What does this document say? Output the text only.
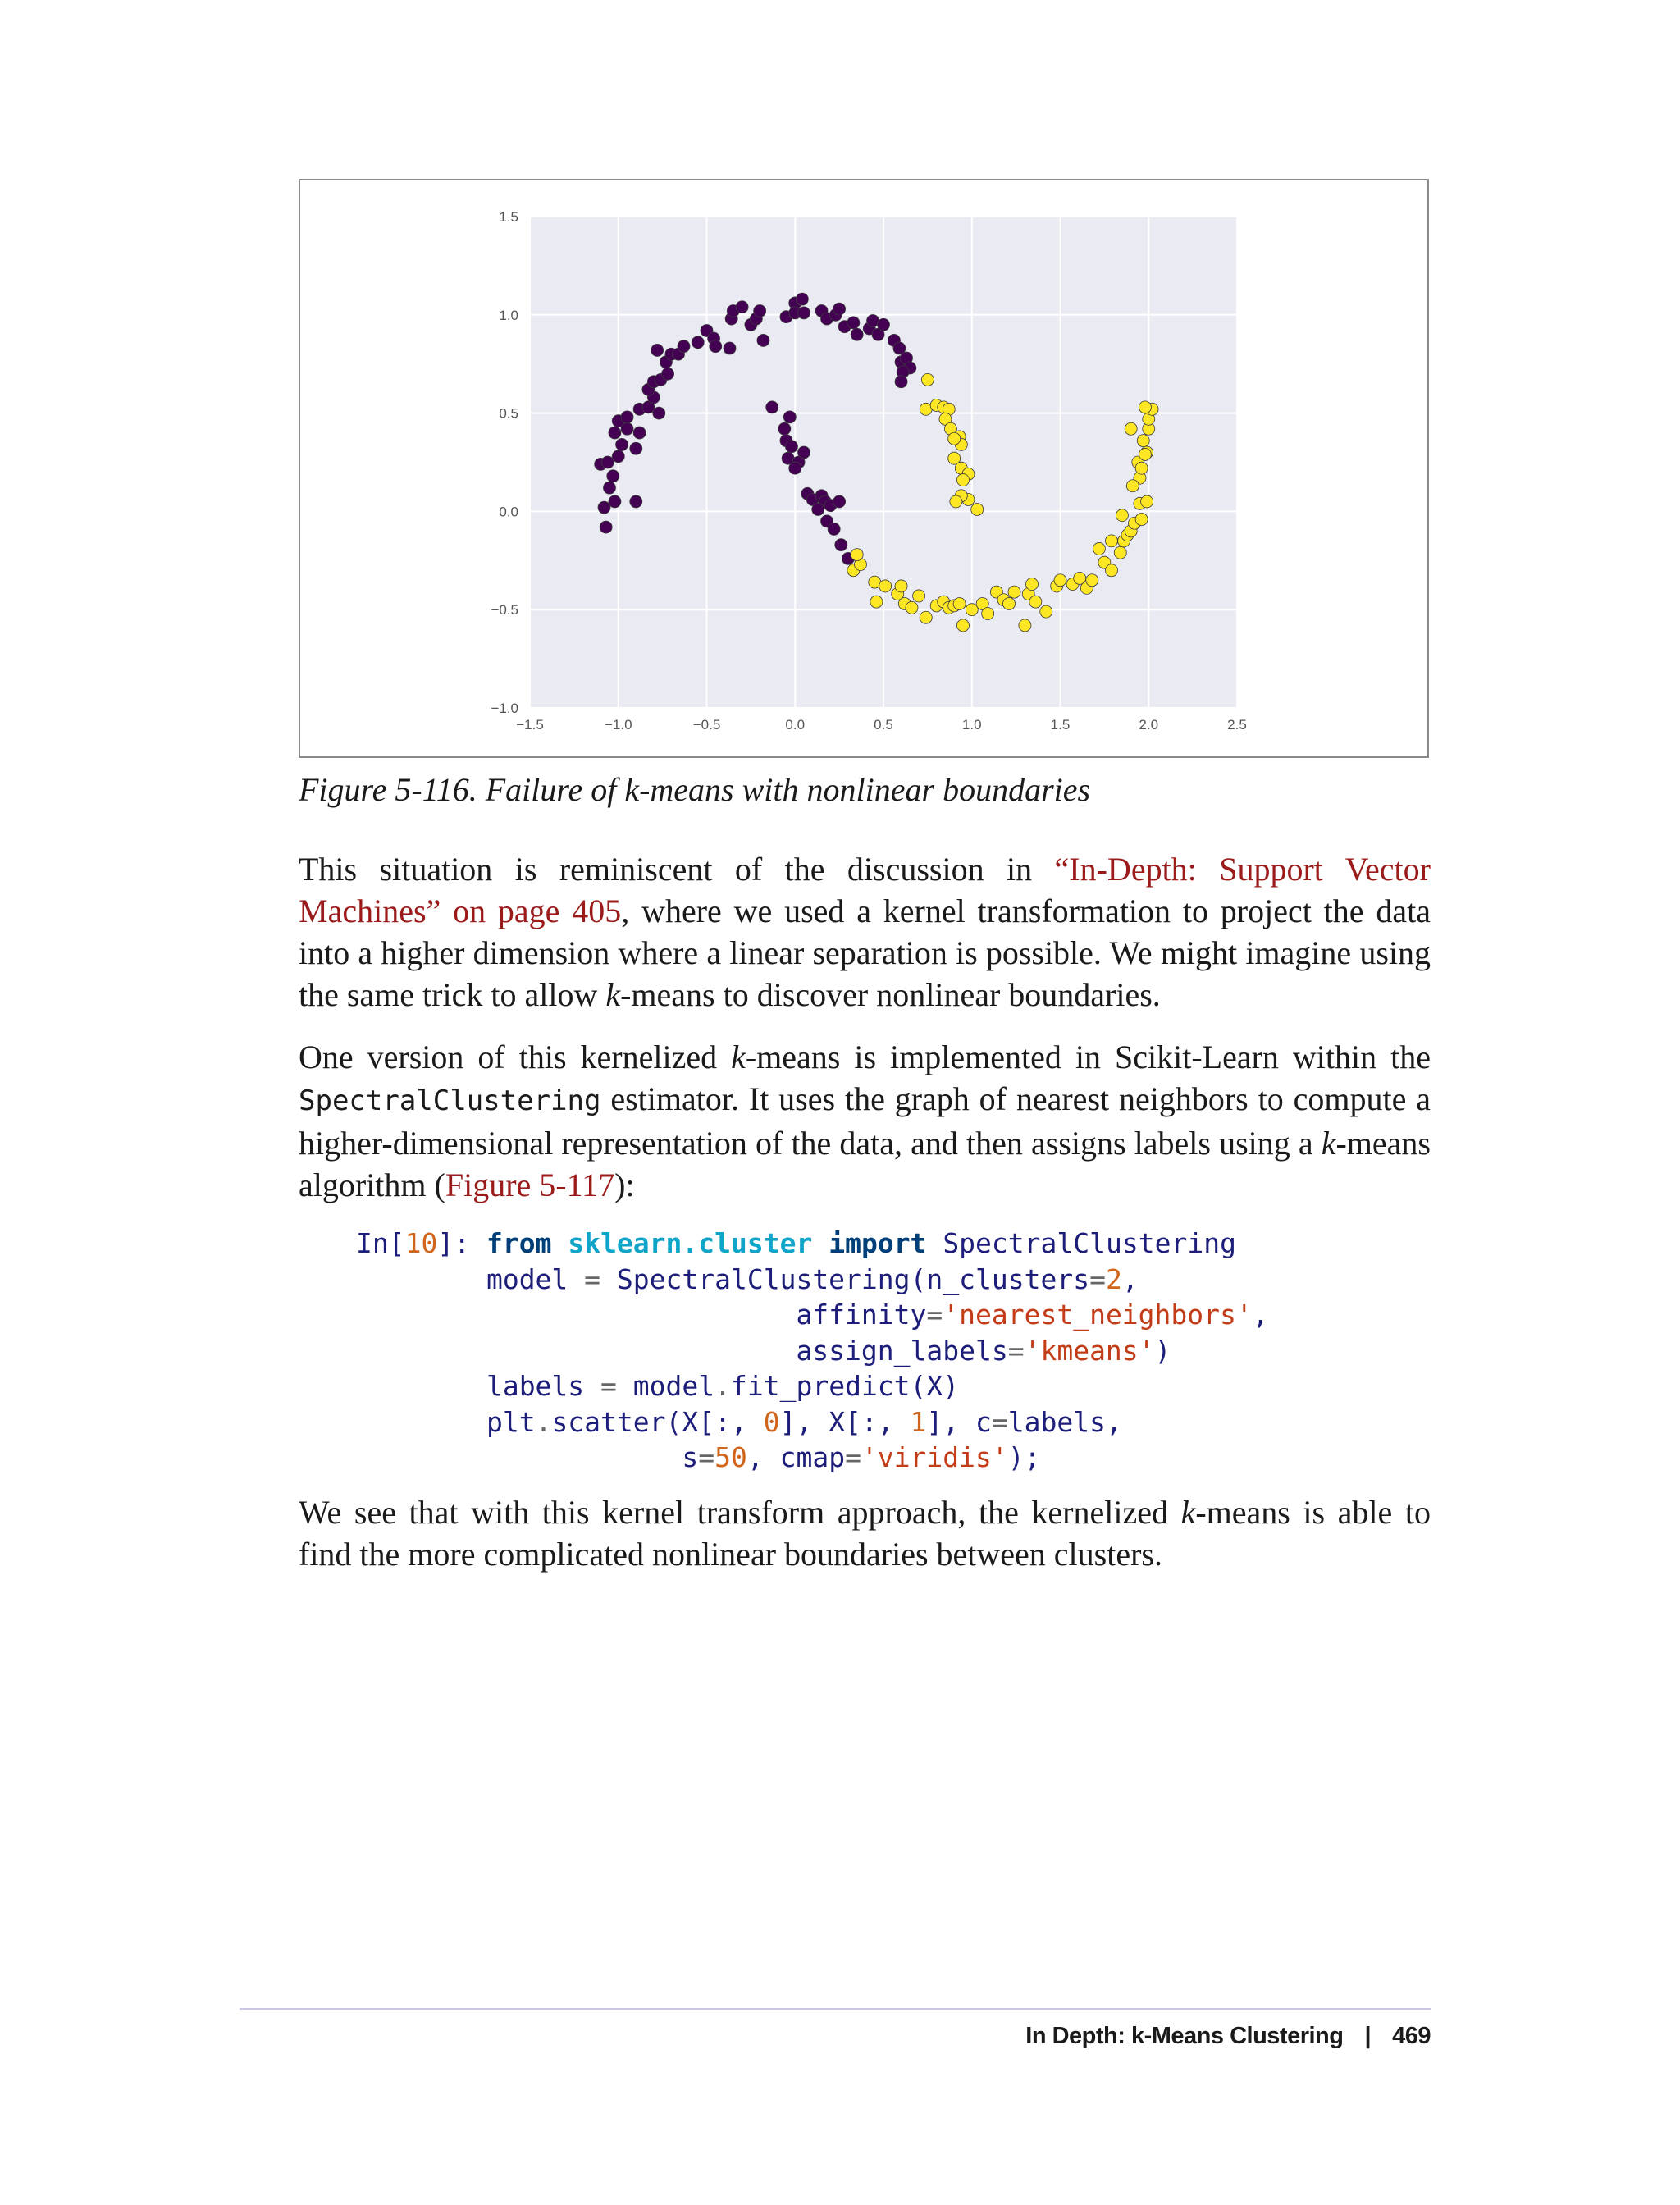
−1.5	−1.0	−0.5	0.0	0.5	1.0	1.5	2.0	2.5
1.5
1.0
0.5
0.0
−0.5
−1.0
Figure 5-116. Failure of k-means with nonlinear boundaries

This situation is reminiscent of the discussion in “In-Depth: Support Vector Machines” on page 405, where we used a kernel transformation to project the data into a higher dimension where a linear separation is possible. We might imagine using the same trick to allow k-means to discover nonlinear boundaries.

One version of this kernelized k-means is implemented in Scikit-Learn within the SpectralClustering estimator. It uses the graph of nearest neighbors to compute a higher-dimensional representation of the data, and then assigns labels using a k-means algorithm (Figure 5-117):

In[10]: from sklearn.cluster import SpectralClustering
model = SpectralClustering(n_clusters=2,
affinity='nearest_neighbors',
assign_labels='kmeans')
labels = model.fit_predict(X)
plt.scatter(X[:, 0], X[:, 1], c=labels,
s=50, cmap='viridis');

We see that with this kernel transform approach, the kernelized k-means is able to find the more complicated nonlinear boundaries between clusters.

In Depth: k-Means Clustering | 469
